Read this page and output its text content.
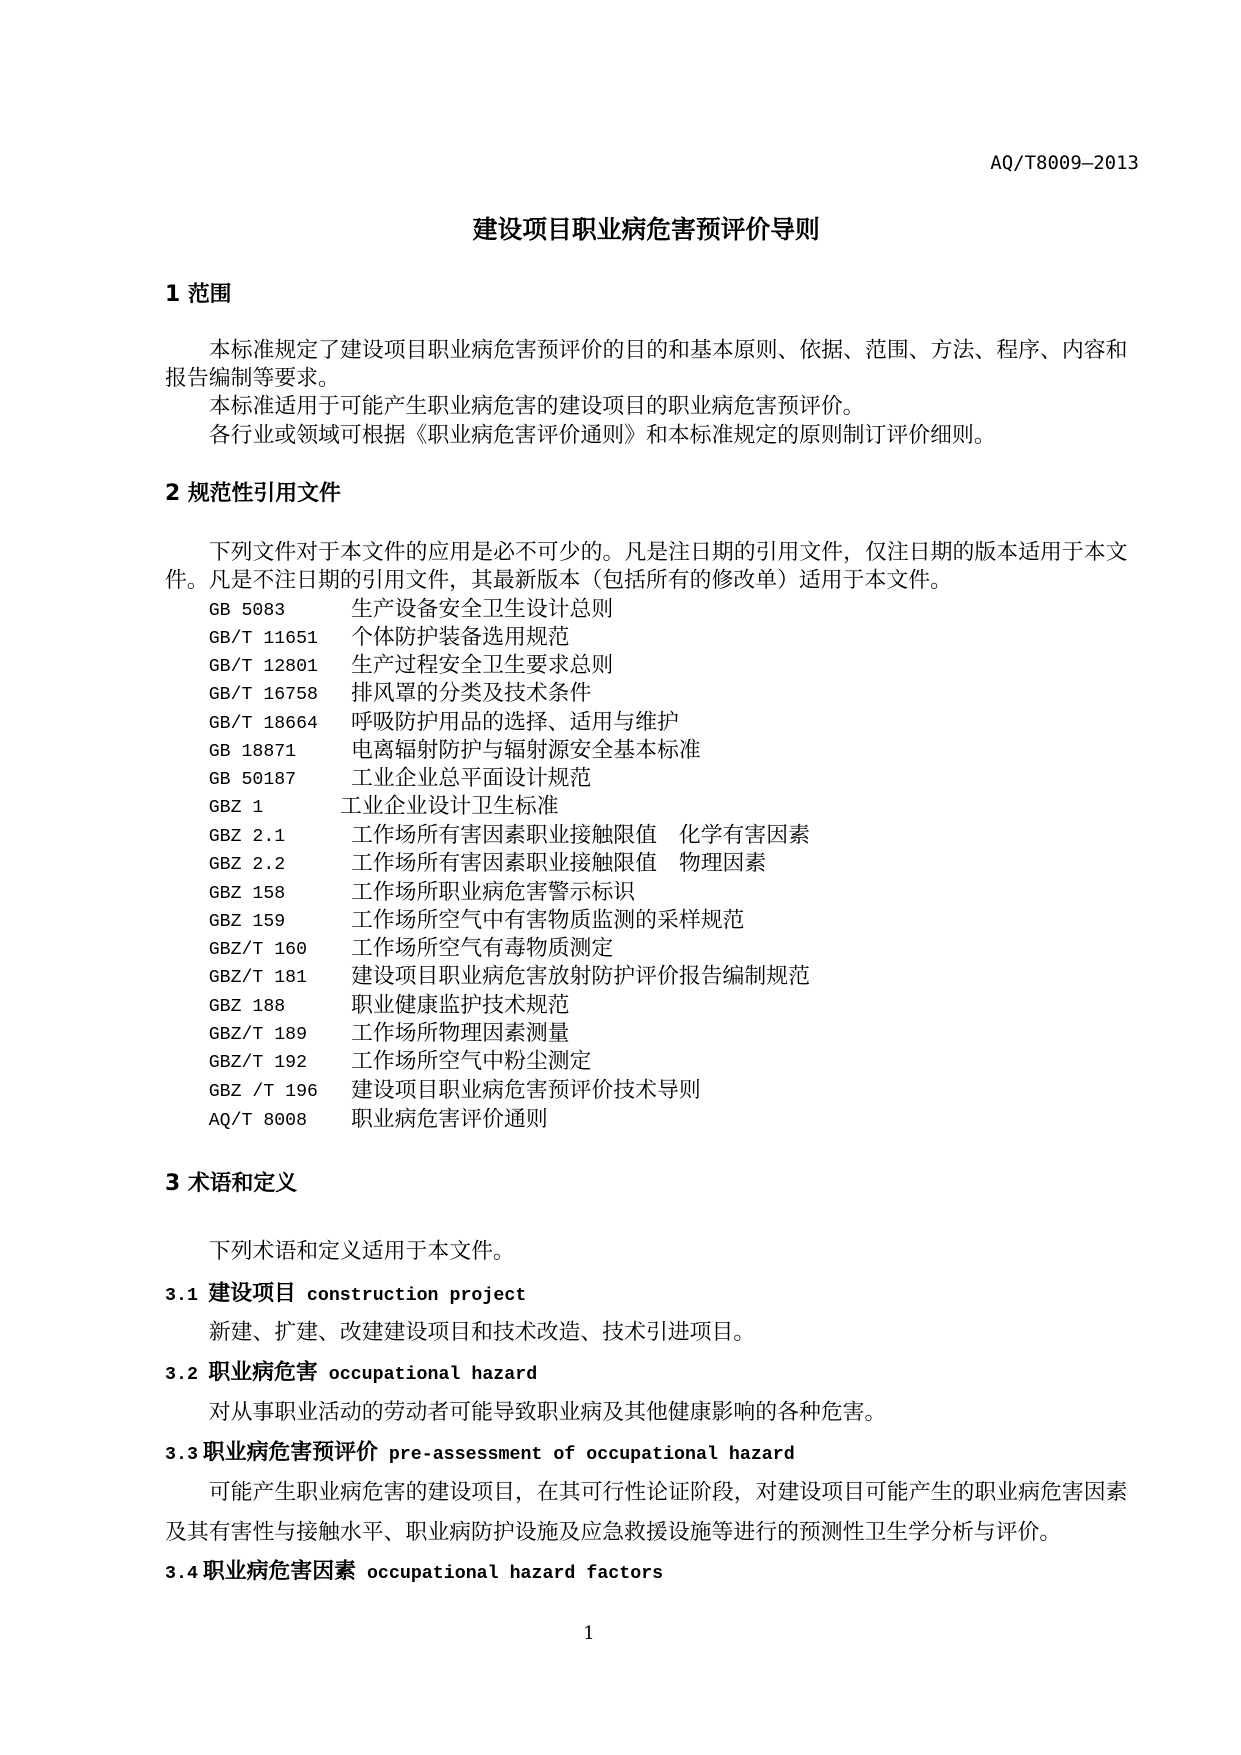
AQ/T8009—2013
建设项目职业病危害预评价导则
1 范围
本标准规定了建设项目职业病危害预评价的目的和基本原则、依据、范围、方法、程序、内容和
报告编制等要求。
本标准适用于可能产生职业病危害的建设项目的职业病危害预评价。
各行业或领域可根据《职业病危害评价通则》和本标准规定的原则制订评价细则。
2 规范性引用文件
下列文件对于本文件的应用是必不可少的。凡是注日期的引用文件，仅注日期的版本适用于本文
件。凡是不注日期的引用文件，其最新版本（包括所有的修改单）适用于本文件。
GB 5083	生产设备安全卫生设计总则
GB/T 11651 个体防护装备选用规范
GB/T 12801 生产过程安全卫生要求总则
GB/T 16758 排风罩的分类及技术条件
GB/T 18664 呼吸防护用品的选择、适用与维护
GB 18871	电离辐射防护与辐射源安全基本标准
GB 50187	工业企业总平面设计规范
GBZ 1	工业企业设计卫生标准
GBZ 2.1	工作场所有害因素职业接触限值　化学有害因素
GBZ 2.2	工作场所有害因素职业接触限值　物理因素
GBZ 158	工作场所职业病危害警示标识
GBZ 159	工作场所空气中有害物质监测的采样规范
GBZ/T 160 工作场所空气有毒物质测定
GBZ/T 181 建设项目职业病危害放射防护评价报告编制规范
GBZ 188	职业健康监护技术规范
GBZ/T 189 工作场所物理因素测量
GBZ/T 192 工作场所空气中粉尘测定
GBZ /T 196 建设项目职业病危害预评价技术导则
AQ/T 8008 职业病危害评价通则
3 术语和定义
下列术语和定义适用于本文件。
3.1 建设项目 construction project
新建、扩建、改建建设项目和技术改造、技术引进项目。
3.2 职业病危害 occupational hazard
对从事职业活动的劳动者可能导致职业病及其他健康影响的各种危害。
3.3 职业病危害预评价 pre-assessment of occupational hazard
可能产生职业病危害的建设项目，在其可行性论证阶段，对建设项目可能产生的职业病危害因素
及其有害性与接触水平、职业病防护设施及应急救援设施等进行的预测性卫生学分析与评价。
3.4 职业病危害因素 occupational hazard factors
1
